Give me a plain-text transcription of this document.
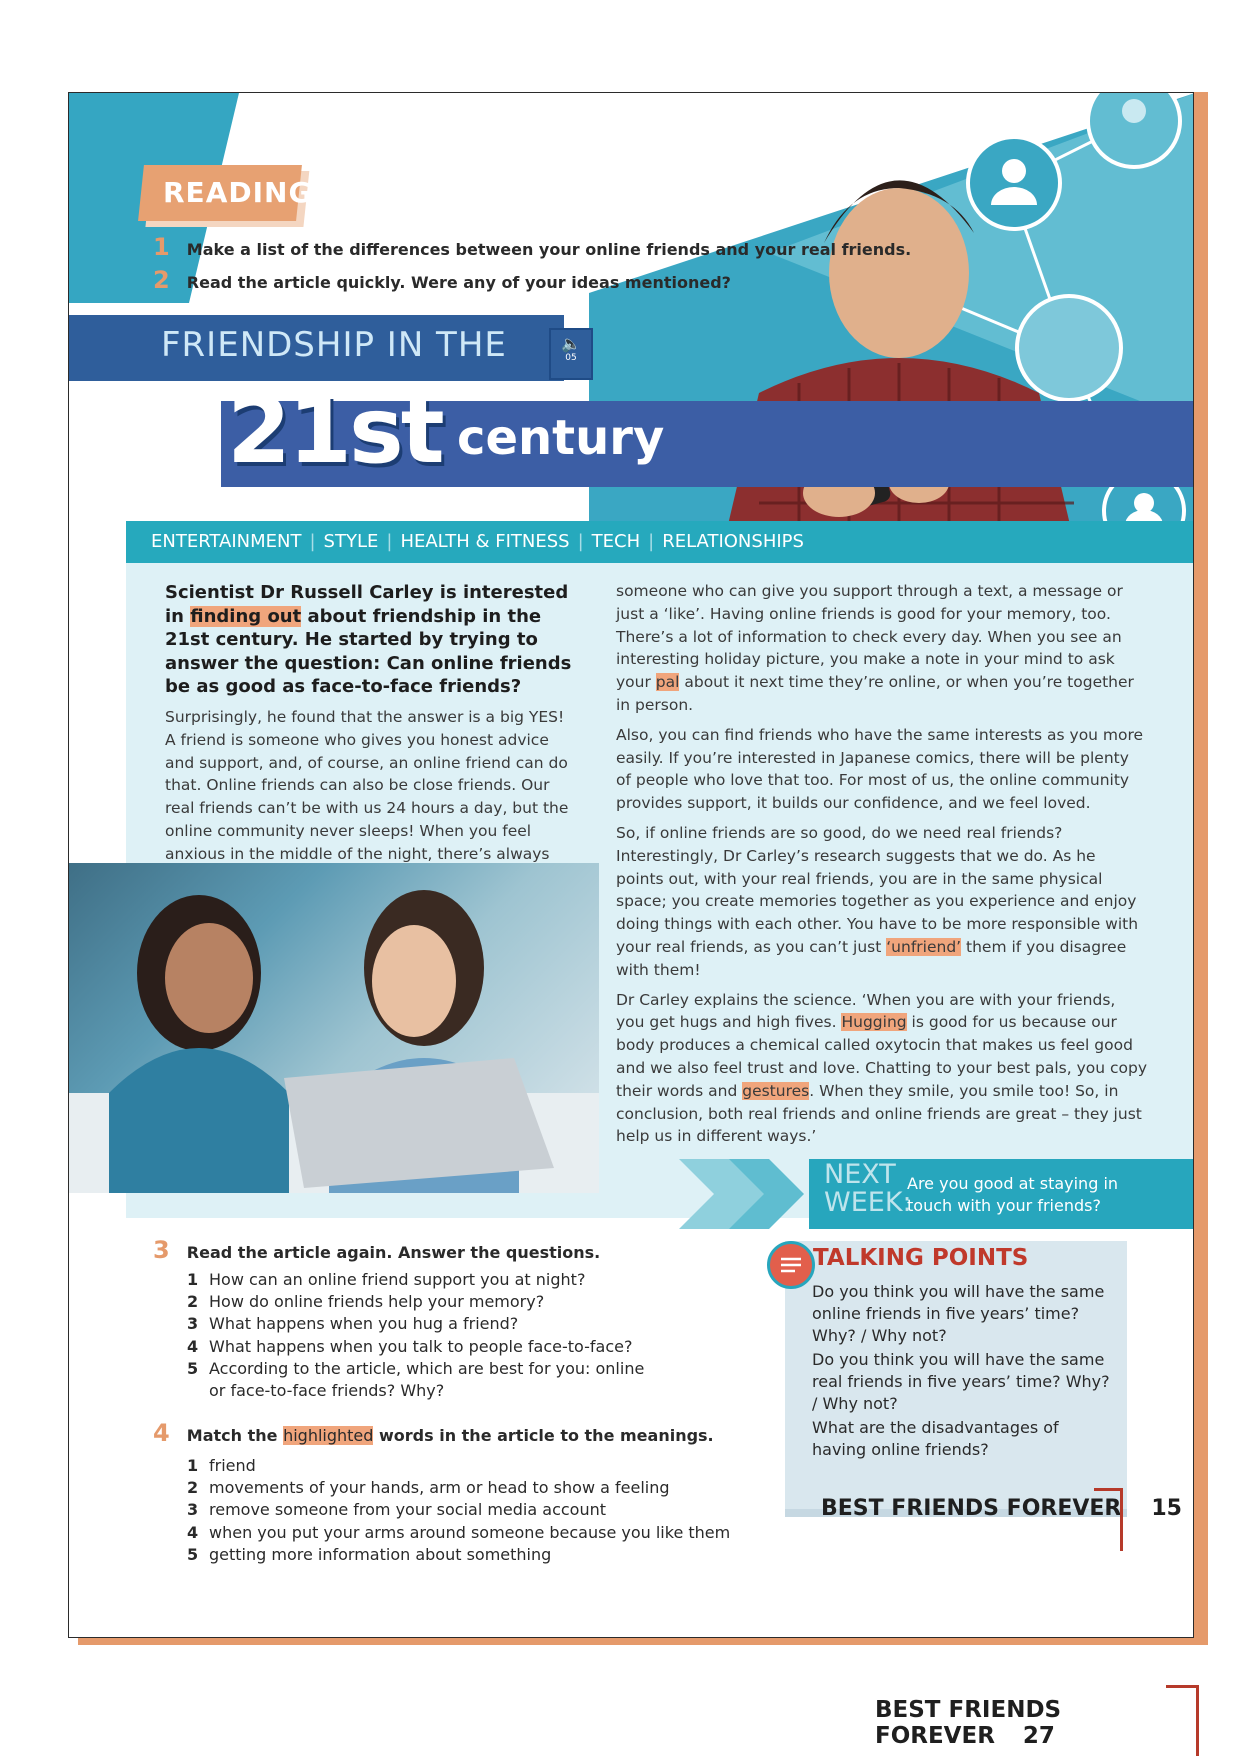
READING
1 Make a list of the differences between your online friends and your real friends.
2 Read the article quickly. Were any of your ideas mentioned?
FRIENDSHIP IN THE	🔈
05
21st century
ENTERTAINMENT | STYLE | HEALTH & FITNESS | TECH | RELATIONSHIPS
Scientist Dr Russell Carley is interested in finding out about friendship in the 21st century. He started by trying to answer the question: Can online friends be as good as face-to-face friends?
Surprisingly, he found that the answer is a big YES! A friend is someone who gives you honest advice and support, and, of course, an online friend can do that. Online friends can also be close friends. Our real friends can’t be with us 24 hours a day, but the online community never sleeps! When you feel anxious in the middle of the night, there’s always

someone who can give you support through a text, a message or just a ‘like’. Having online friends is good for your memory, too. There’s a lot of information to check every day. When you see an interesting holiday picture, you make a note in your mind to ask your pal about it next time they’re online, or when you’re together in person.

Also, you can find friends who have the same interests as you more easily. If you’re interested in Japanese comics, there will be plenty of people who love that too. For most of us, the online community provides support, it builds our confidence, and we feel loved.

So, if online friends are so good, do we need real friends? Interestingly, Dr Carley’s research suggests that we do. As he points out, with your real friends, you are in the same physical space; you create memories together as you experience and enjoy doing things with each other. You have to be more responsible with your real friends, as you can’t just ‘unfriend’ them if you disagree with them!

Dr Carley explains the science. ‘When you are with your friends, you get hugs and high fives. Hugging is good for us because our body produces a chemical called oxytocin that makes us feel good and we also feel trust and love. Chatting to your best pals, you copy their words and gestures. When they smile, you smile too! So, in conclusion, both real friends and online friends are great – they just help us in different ways.’

NEXT
WEEK:
Are you good at staying in touch with your friends?
3 Read the article again. Answer the questions.
1 How can an online friend support you at night?
2 How do online friends help your memory?
3 What happens when you hug a friend?
4 What happens when you talk to people face-to-face?
5 According to the article, which are best for you: online or face-to-face friends? Why?
4 Match the highlighted words in the article to the meanings.
1 friend
2 movements of your hands, arm or head to show a feeling
3 remove someone from your social media account
4 when you put your arms around someone because you like them
5 getting more information about something
TALKING POINTS
Do you think you will have the same online friends in five years’ time? Why? / Why not?
Do you think you will have the same real friends in five years’ time? Why? / Why not?
What are the disadvantages of having online friends?
BEST FRIENDS FOREVER 15
BEST FRIENDS FOREVER 27
